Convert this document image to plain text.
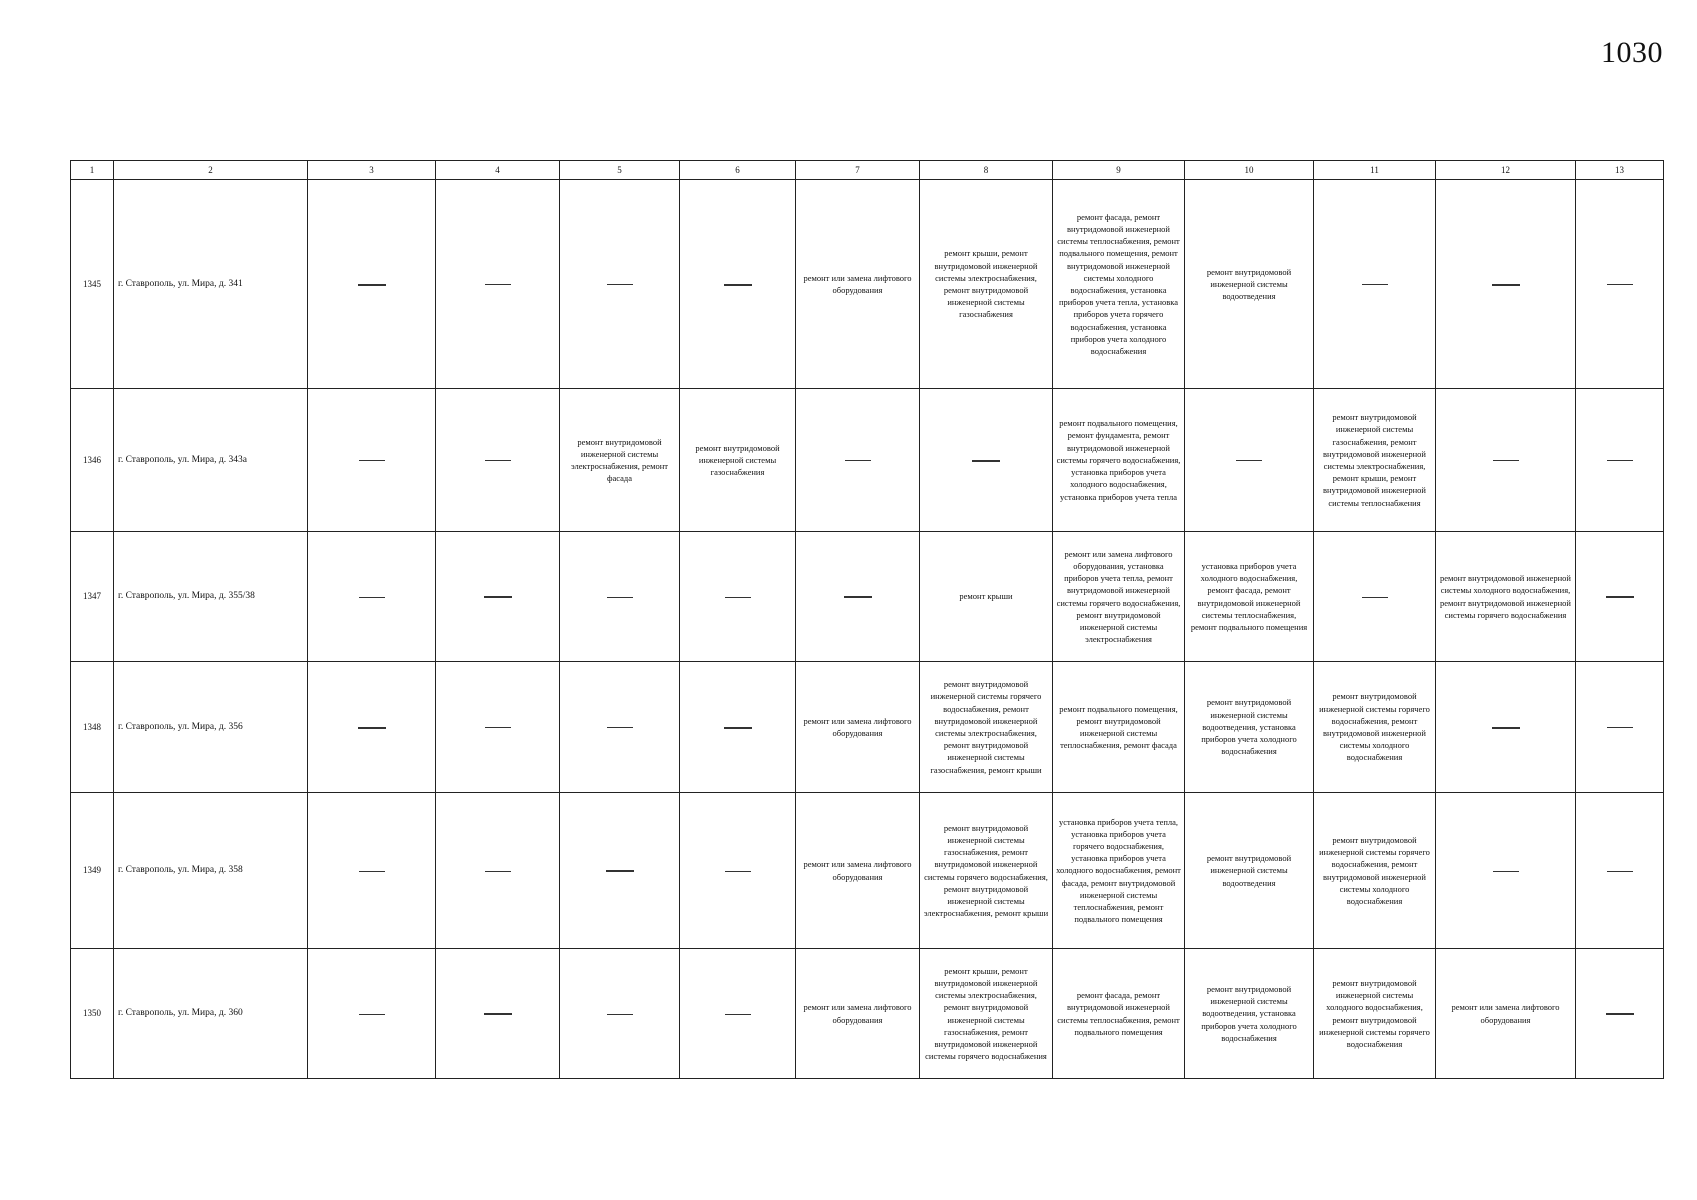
1030
1	2	3	4	5	6	7	8	9	10	11	12	13
1345	г. Ставрополь, ул. Мира, д. 341					ремонт или замена лифтового оборудования	ремонт крыши, ремонт внутридомовой инженерной системы электроснабжения, ремонт внутридомовой инженерной системы газоснабжения	ремонт фасада, ремонт внутридомовой инженерной системы теплоснабжения, ремонт подвального помещения, ремонт внутридомовой инженерной системы холодного водоснабжения, установка приборов учета тепла, установка приборов учета горячего водоснабжения, установка приборов учета холодного водоснабжения	ремонт внутридомовой инженерной системы водоотведения			
1346	г. Ставрополь, ул. Мира, д. 343а			ремонт внутридомовой инженерной системы электроснабжения, ремонт фасада	ремонт внутридомовой инженерной системы газоснабжения			ремонт подвального помещения, ремонт фундамента, ремонт внутридомовой инженерной системы горячего водоснабжения, установка приборов учета холодного водоснабжения, установка приборов учета тепла		ремонт внутридомовой инженерной системы газоснабжения, ремонт внутридомовой инженерной системы электроснабжения, ремонт крыши, ремонт внутридомовой инженерной системы теплоснабжения		
1347	г. Ставрополь, ул. Мира, д. 355/38						ремонт крыши	ремонт или замена лифтового оборудования, установка приборов учета тепла, ремонт внутридомовой инженерной системы горячего водоснабжения, ремонт внутридомовой инженерной системы электроснабжения	установка приборов учета холодного водоснабжения, ремонт фасада, ремонт внутридомовой инженерной системы теплоснабжения, ремонт подвального помещения		ремонт внутридомовой инженерной системы холодного водоснабжения, ремонт внутридомовой инженерной системы горячего водоснабжения	
1348	г. Ставрополь, ул. Мира, д. 356					ремонт или замена лифтового оборудования	ремонт внутридомовой инженерной системы горячего водоснабжения, ремонт внутридомовой инженерной системы электроснабжения, ремонт внутридомовой инженерной системы газоснабжения, ремонт крыши	ремонт подвального помещения, ремонт внутридомовой инженерной системы теплоснабжения, ремонт фасада	ремонт внутридомовой инженерной системы водоотведения, установка приборов учета холодного водоснабжения	ремонт внутридомовой инженерной системы горячего водоснабжения, ремонт внутридомовой инженерной системы холодного водоснабжения		
1349	г. Ставрополь, ул. Мира, д. 358					ремонт или замена лифтового оборудования	ремонт внутридомовой инженерной системы газоснабжения, ремонт внутридомовой инженерной системы горячего водоснабжения, ремонт внутридомовой инженерной системы электроснабжения, ремонт крыши	установка приборов учета тепла, установка приборов учета горячего водоснабжения, установка приборов учета холодного водоснабжения, ремонт фасада, ремонт внутридомовой инженерной системы теплоснабжения, ремонт подвального помещения	ремонт внутридомовой инженерной системы водоотведения	ремонт внутридомовой инженерной системы горячего водоснабжения, ремонт внутридомовой инженерной системы холодного водоснабжения		
1350	г. Ставрополь, ул. Мира, д. 360					ремонт или замена лифтового оборудования	ремонт крыши, ремонт внутридомовой инженерной системы электроснабжения, ремонт внутридомовой инженерной системы газоснабжения, ремонт внутридомовой инженерной системы горячего водоснабжения	ремонт фасада, ремонт внутридомовой инженерной системы теплоснабжения, ремонт подвального помещения	ремонт внутридомовой инженерной системы водоотведения, установка приборов учета холодного водоснабжения	ремонт внутридомовой инженерной системы холодного водоснабжения, ремонт внутридомовой инженерной системы горячего водоснабжения	ремонт или замена лифтового оборудования	
